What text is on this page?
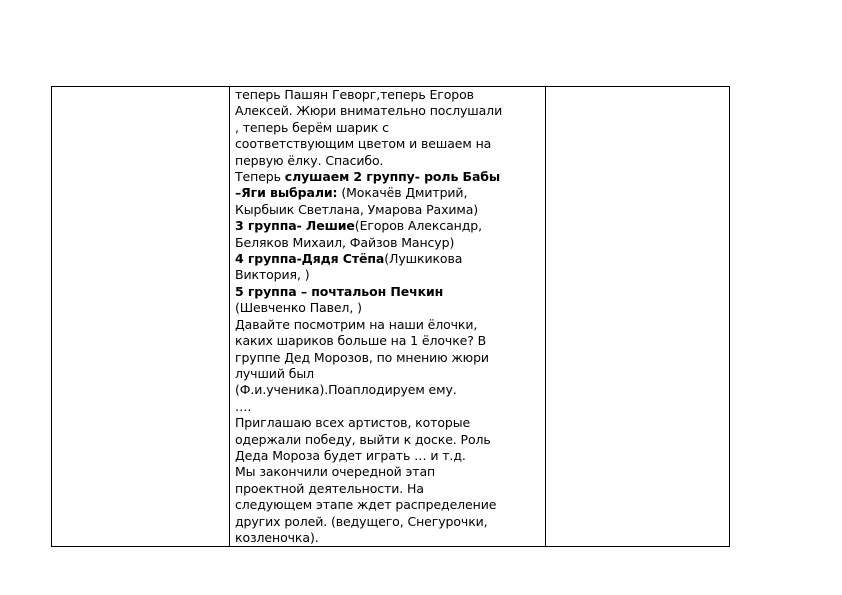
теперь Пашян Геворг,теперь Егоров
Алексей. Жюри внимательно послушали
, теперь берём шарик с
соответствующим цветом и вешаем на
первую ёлку. Спасибо.
Теперь слушаем 2 группу- роль Бабы
–Яги выбрали: (Мокачёв Дмитрий,
Кырбыик Светлана, Умарова Рахима)
3 группа- Лешие(Егоров Александр,
Беляков Михаил, Файзов Мансур)
4 группа-Дядя Стёпа(Лушкикова
Виктория, )
5 группа – почтальон Печкин
(Шевченко Павел, )
Давайте посмотрим на наши ёлочки,
каких шариков больше на 1 ёлочке? В
группе Дед Морозов, по мнению жюри
лучший был
(Ф.и.ученика).Поаплодируем ему.
….
Приглашаю всех артистов, которые
одержали победу, выйти к доске. Роль
Деда Мороза будет играть … и т.д.
Мы закончили очередной этап
проектной деятельности. На
следующем этапе ждет распределение
других ролей. (ведущего, Снегурочки,
козленочка).
